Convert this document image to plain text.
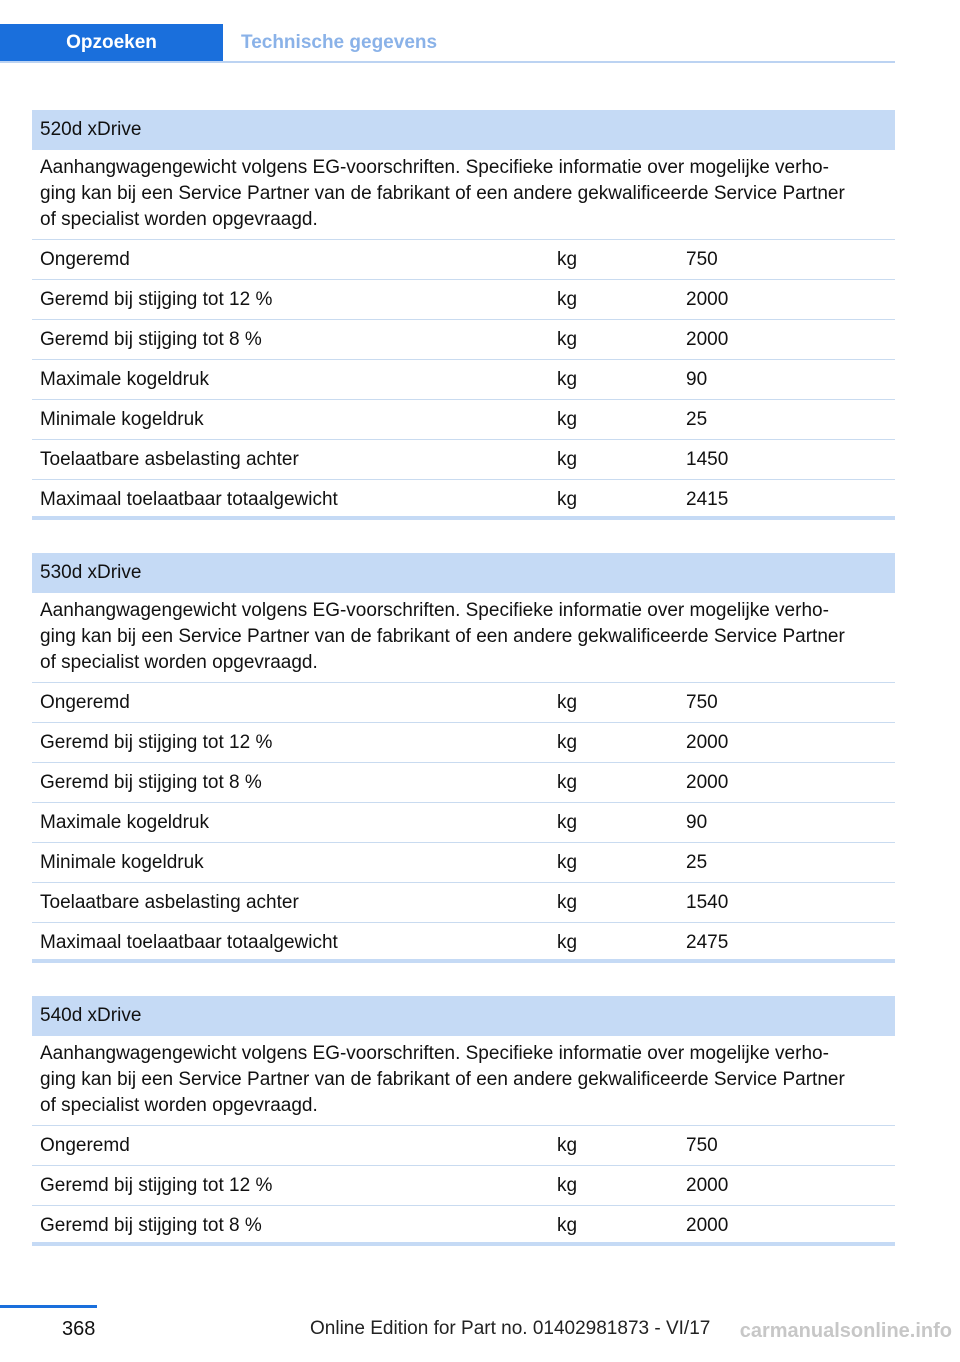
Opzoeken	Technische gegevens
520d xDrive
Aanhangwagengewicht volgens EG-voorschriften. Specifieke informatie over mogelijke verho-
ging kan bij een Service Partner van de fabrikant of een andere gekwalificeerde Service Partner
of specialist worden opgevraagd.
Ongeremd	kg	750
Geremd bij stijging tot 12 %	kg	2000
Geremd bij stijging tot 8 %	kg	2000
Maximale kogeldruk	kg	90
Minimale kogeldruk	kg	25
Toelaatbare asbelasting achter	kg	1450
Maximaal toelaatbaar totaalgewicht	kg	2415
530d xDrive
Aanhangwagengewicht volgens EG-voorschriften. Specifieke informatie over mogelijke verho-
ging kan bij een Service Partner van de fabrikant of een andere gekwalificeerde Service Partner
of specialist worden opgevraagd.
Ongeremd	kg	750
Geremd bij stijging tot 12 %	kg	2000
Geremd bij stijging tot 8 %	kg	2000
Maximale kogeldruk	kg	90
Minimale kogeldruk	kg	25
Toelaatbare asbelasting achter	kg	1540
Maximaal toelaatbaar totaalgewicht	kg	2475
540d xDrive
Aanhangwagengewicht volgens EG-voorschriften. Specifieke informatie over mogelijke verho-
ging kan bij een Service Partner van de fabrikant of een andere gekwalificeerde Service Partner
of specialist worden opgevraagd.
Ongeremd	kg	750
Geremd bij stijging tot 12 %	kg	2000
Geremd bij stijging tot 8 %	kg	2000
368	Online Edition for Part no. 01402981873 - VI/17 carmanualsonline.info
